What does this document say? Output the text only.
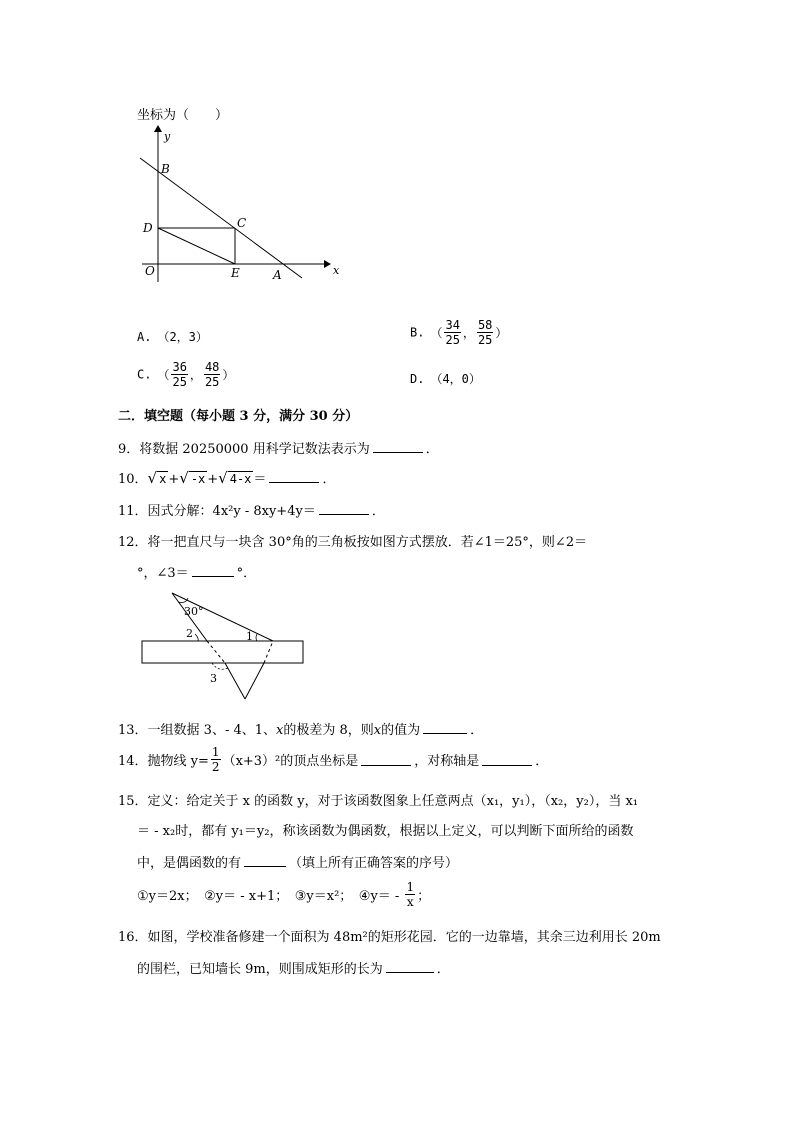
坐标为（　　）
y
x
B
C
D
O	E	A
A. （2，3）	B. （ $\frac{34}{25}$ ， $\frac{58}{25}$ ）
C. （ $\frac{36}{25}$ ， $\frac{48}{25}$ ）	D. （4，0）
二．填空题（每小题 3 分，满分 30 分）
9．将数据 20250000 用科学记数法表示为	．
10．√ x +√ -x +√ 4-x ＝	．
11．因式分解：4x²y - 8xy+4y＝	．
12．将一把直尺与一块含 30°角的三角板按如图方式摆放．若∠1＝25°，则∠2＝
°，∠3＝	°．
30°
2	1
3
13．一组数据 3、- 4、1、x的极差为 8，则x的值为	．
14．抛物线 $y= \frac{1}{2} (x+3)^2$的顶点坐标是	，对称轴是	．
15．定义：给定关于 x 的函数 y，对于该函数图象上任意两点（x₁，y₁），（x₂，y₂），当 x₁
＝ - x₂时，都有 y₁＝y₂，称该函数为偶函数，根据以上定义，可以判断下面所给的函数
中，是偶函数的有	（填上所有正确答案的序号）
①y＝2x；　②y＝ - x+1；　③y＝x²；　④y＝ - $\frac{1}{x}$ ；
16．如图，学校准备修建一个面积为 48m²的矩形花园．它的一边靠墙，其余三边利用长 20m
的围栏，已知墙长 9m，则围成矩形的长为	．
